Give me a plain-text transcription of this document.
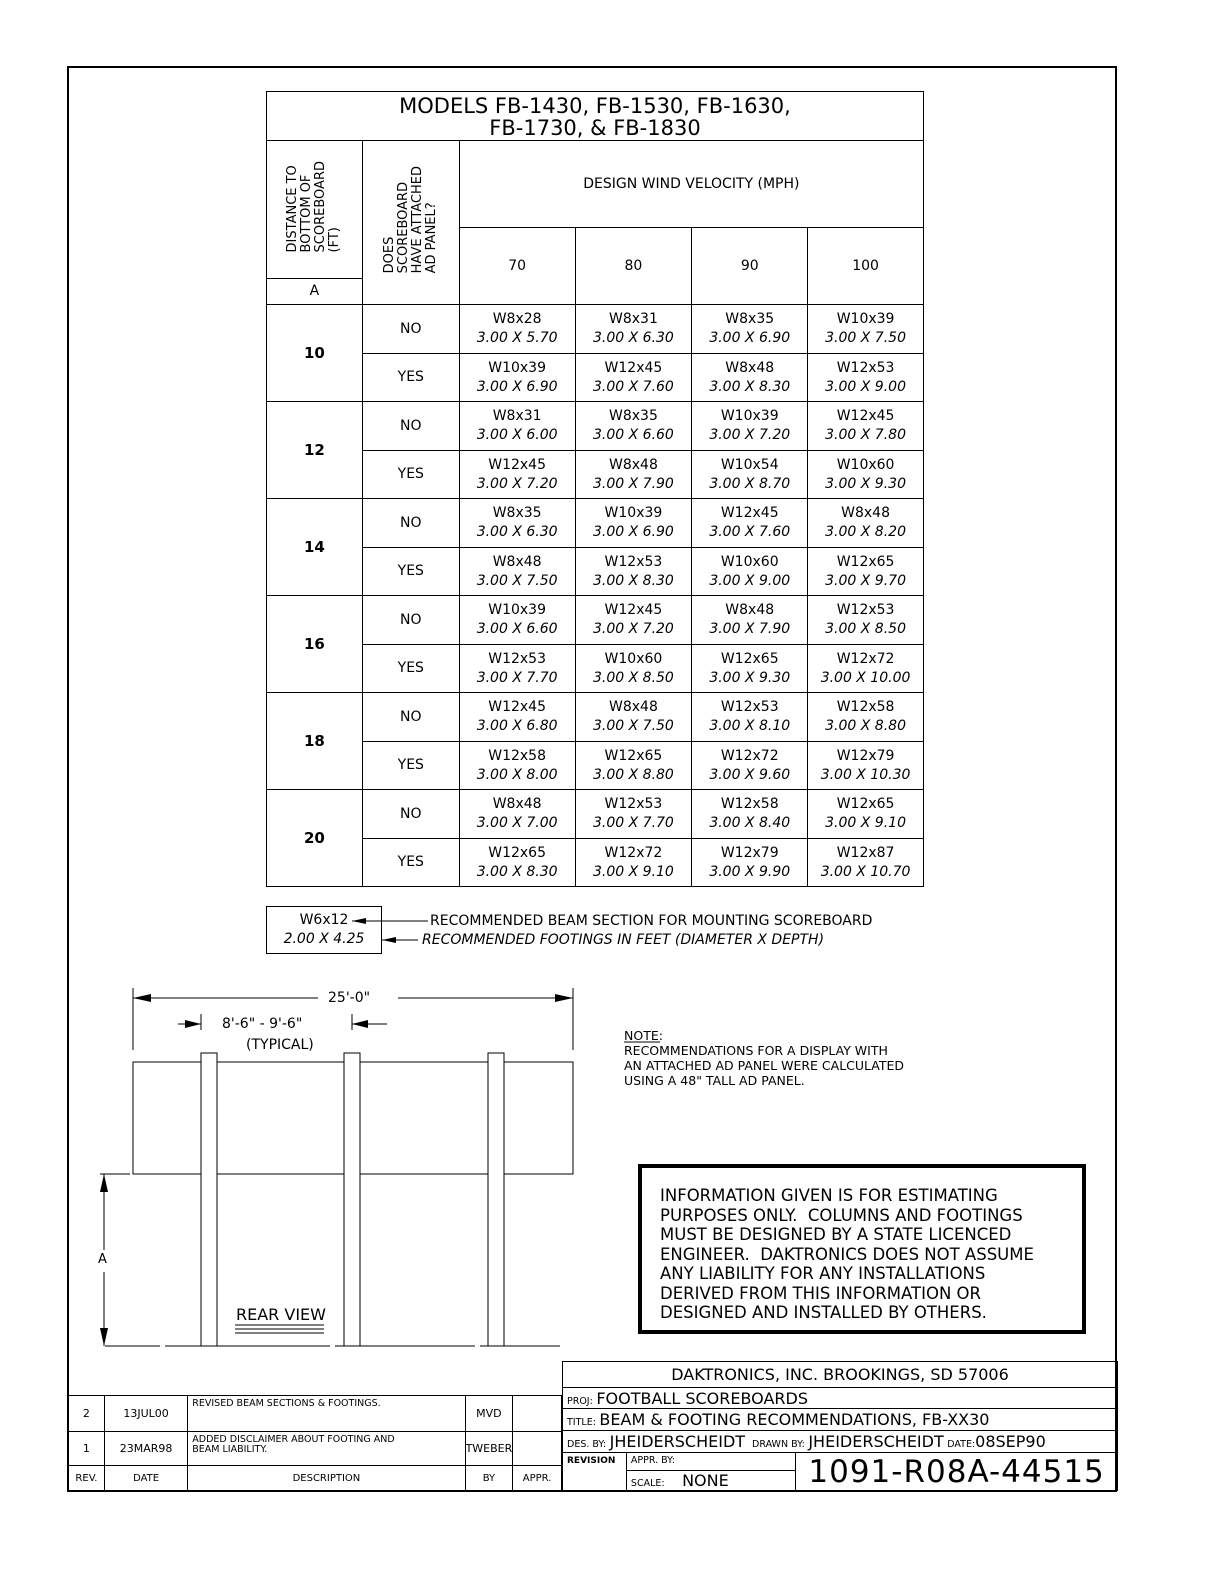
MODELS FB-1430, FB-1530, FB-1630,
FB-1730, & FB-1830					

DISTANCE TO
BOTTOM OF
SCOREBOARD
(FT)	DOES
SCOREBOARD
HAVE ATTACHED
AD PANEL?	DESIGN WIND VELOCITY (MPH)			
		70	80	90	100
A					
10	NO	W8x28
3.00 X 5.70	W8x31
3.00 X 6.30	W8x35
3.00 X 6.90	W10x39
3.00 X 7.50

	YES	W10x39
3.00 X 6.90	W12x45
3.00 X 7.60	W8x48
3.00 X 8.30	W12x53
3.00 X 9.00

12	NO	W8x31
3.00 X 6.00	W8x35
3.00 X 6.60	W10x39
3.00 X 7.20	W12x45
3.00 X 7.80

	YES	W12x45
3.00 X 7.20	W8x48
3.00 X 7.90	W10x54
3.00 X 8.70	W10x60
3.00 X 9.30

14	NO	W8x35
3.00 X 6.30	W10x39
3.00 X 6.90	W12x45
3.00 X 7.60	W8x48
3.00 X 8.20

	YES	W8x48
3.00 X 7.50	W12x53
3.00 X 8.30	W10x60
3.00 X 9.00	W12x65
3.00 X 9.70

16	NO	W10x39
3.00 X 6.60	W12x45
3.00 X 7.20	W8x48
3.00 X 7.90	W12x53
3.00 X 8.50

	YES	W12x53
3.00 X 7.70	W10x60
3.00 X 8.50	W12x65
3.00 X 9.30	W12x72
3.00 X 10.00

18	NO	W12x45
3.00 X 6.80	W8x48
3.00 X 7.50	W12x53
3.00 X 8.10	W12x58
3.00 X 8.80

	YES	W12x58
3.00 X 8.00	W12x65
3.00 X 8.80	W12x72
3.00 X 9.60	W12x79
3.00 X 10.30

20	NO	W8x48
3.00 X 7.00	W12x53
3.00 X 7.70	W12x58
3.00 X 8.40	W12x65
3.00 X 9.10

	YES	W12x65
3.00 X 8.30	W12x72
3.00 X 9.10	W12x79
3.00 X 9.90	W12x87
3.00 X 10.70
W6x12
2.00 X 4.25
RECOMMENDED BEAM SECTION FOR MOUNTING SCOREBOARD
RECOMMENDED FOOTINGS IN FEET (DIAMETER X DEPTH)
25'-0"
8'-6" - 9'-6"
(TYPICAL)
A
REAR VIEW
NOTE:
RECOMMENDATIONS FOR A DISPLAY WITH
AN ATTACHED AD PANEL WERE CALCULATED
USING A 48" TALL AD PANEL.
INFORMATION GIVEN IS FOR ESTIMATING
PURPOSES ONLY.  COLUMNS AND FOOTINGS
MUST BE DESIGNED BY A STATE LICENCED
ENGINEER.  DAKTRONICS DOES NOT ASSUME
ANY LIABILITY FOR ANY INSTALLATIONS
DERIVED FROM THIS INFORMATION OR
DESIGNED AND INSTALLED BY OTHERS.
2	13JUL00	REVISED BEAM SECTIONS & FOOTINGS.	MVD	
1	23MAR98	ADDED DISCLAIMER ABOUT FOOTING AND
BEAM LIABILITY.	TWEBER	
REV.	DATE	DESCRIPTION	BY	APPR.
DAKTRONICS, INC. BROOKINGS, SD 57006
PROJ: FOOTBALL SCOREBOARDS
TITLE: BEAM & FOOTING RECOMMENDATIONS, FB-XX30
DES. BY: JHEIDERSCHEIDT DRAWN BY: JHEIDERSCHEIDT DATE:08SEP90
REVISION	APPR. BY:
SCALE: NONE	1091-R08A-44515
